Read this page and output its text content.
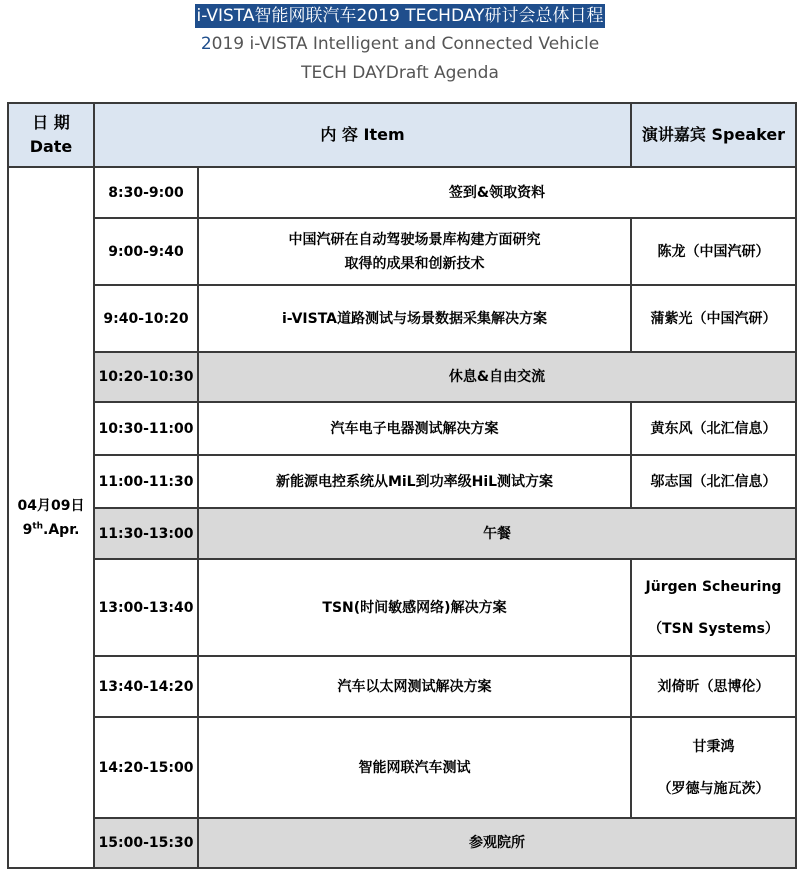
i-VISTA智能网联汽车2019 TECHDAY研讨会总体日程
2019 i-VISTA Intelligent and Connected Vehicle
TECH DAYDraft Agenda
日 期 Date	内 容 Item		演讲嘉宾 Speaker

04月09日
9th.Apr.	8:30-9:00	签到&领取资料	
	9:00-9:40	中国汽研在自动驾驶场景库构建方面研究
取得的成果和创新技术	陈龙（中国汽研）
	9:40-10:20	i-VISTA道路测试与场景数据采集解决方案	蒲紫光（中国汽研）
	10:20-10:30	休息&自由交流	
	10:30-11:00	汽车电子电器测试解决方案	黄东风（北汇信息）
	11:00-11:30	新能源电控系统从MiL到功率级HiL测试方案	邬志国（北汇信息）
	11:30-13:00	午餐	
	13:00-13:40	TSN(时间敏感网络)解决方案	Jürgen Scheuring
（TSN Systems）

	13:40-14:20	汽车以太网测试解决方案	刘倚昕（思博伦）
	14:20-15:00	智能网联汽车测试	甘秉鸿
（罗德与施瓦茨）

	15:00-15:30	参观院所	
